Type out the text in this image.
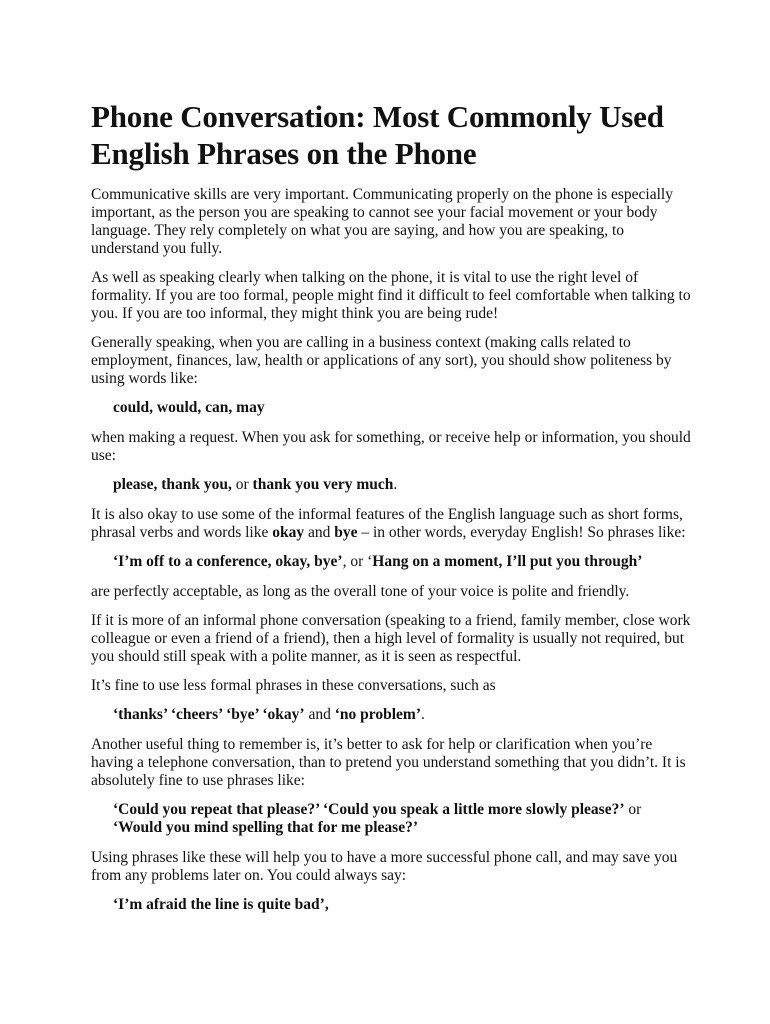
Phone Conversation: Most Commonly Used English Phrases on the Phone

Communicative skills are very important. Communicating properly on the phone is especially important, as the person you are speaking to cannot see your facial movement or your body language. They rely completely on what you are saying, and how you are speaking, to understand you fully.

As well as speaking clearly when talking on the phone, it is vital to use the right level of formality. If you are too formal, people might find it difficult to feel comfortable when talking to you. If you are too informal, they might think you are being rude!

Generally speaking, when you are calling in a business context (making calls related to employment, finances, law, health or applications of any sort), you should show politeness by using words like:

could, would, can, may

when making a request. When you ask for something, or receive help or information, you should use:

please, thank you, or thank you very much.

It is also okay to use some of the informal features of the English language such as short forms, phrasal verbs and words like okay and bye – in other words, everyday English! So phrases like:

‘I’m off to a conference, okay, bye’, or ‘Hang on a moment, I’ll put you through’

are perfectly acceptable, as long as the overall tone of your voice is polite and friendly.

If it is more of an informal phone conversation (speaking to a friend, family member, close work colleague or even a friend of a friend), then a high level of formality is usually not required, but you should still speak with a polite manner, as it is seen as respectful.

It’s fine to use less formal phrases in these conversations, such as

‘thanks’ ‘cheers’ ‘bye’ ‘okay’ and ‘no problem’.

Another useful thing to remember is, it’s better to ask for help or clarification when you’re having a telephone conversation, than to pretend you understand something that you didn’t. It is absolutely fine to use phrases like:

‘Could you repeat that please?’ ‘Could you speak a little more slowly please?’ or ‘Would you mind spelling that for me please?’

Using phrases like these will help you to have a more successful phone call, and may save you from any problems later on. You could always say:

‘I’m afraid the line is quite bad’,
